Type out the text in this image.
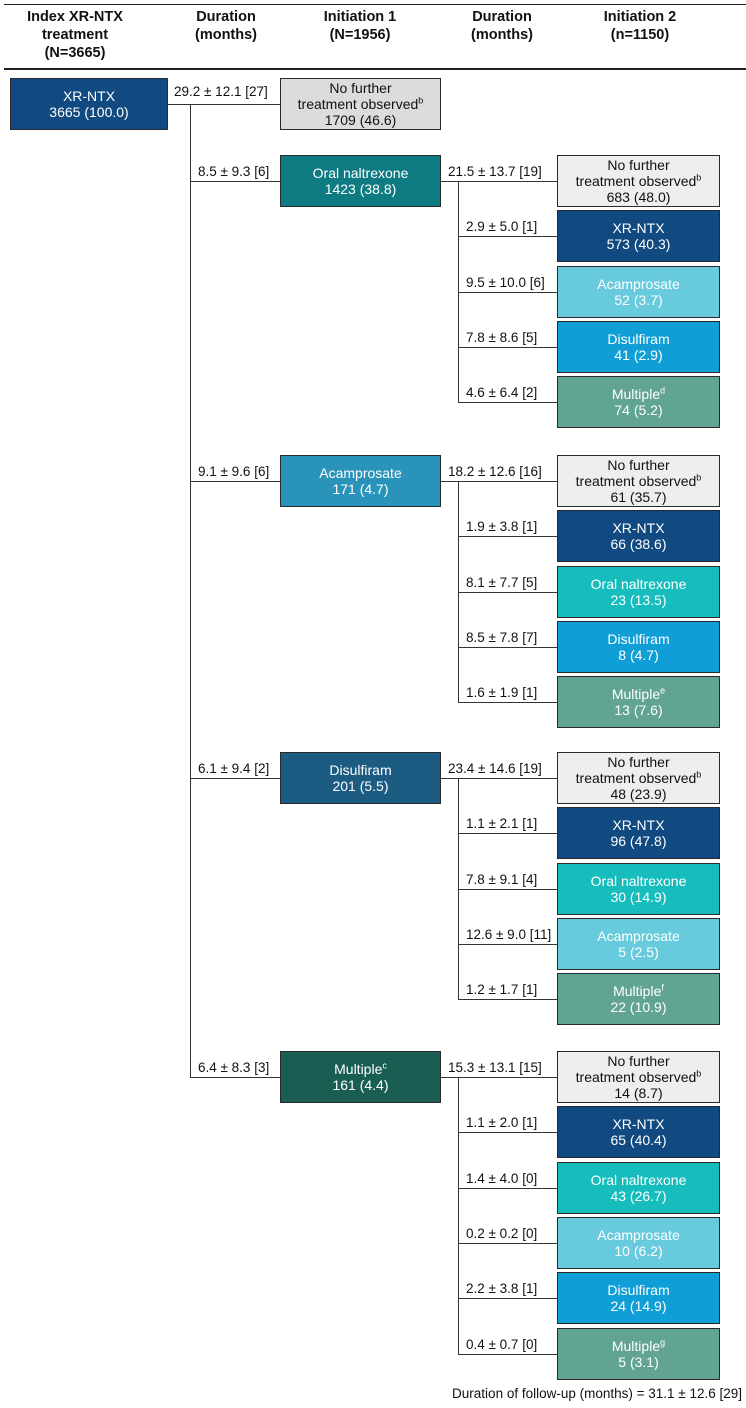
Index XR-NTX
treatment
(N=3665)
Duration
(months)
Initiation 1
(N=1956)
Duration
(months)
Initiation 2
(n=1150)
XR-NTX
3665 (100.0)
29.2 ± 12.1 [27]	No further
treatment observed$^b$
1709 (46.6)
8.5 ± 9.3 [6]	Oral naltrexone
1423 (38.8)
21.5 ± 13.7 [19]	No further
treatment observed$^b$
683 (48.0)
2.9 ± 5.0 [1]	XR-NTX
573 (40.3)
9.5 ± 10.0 [6]	Acamprosate
52 (3.7)
7.8 ± 8.6 [5]	Disulfiram
41 (2.9)
4.6 ± 6.4 [2]	Multiple$^d$
74 (5.2)
9.1 ± 9.6 [6]	Acamprosate
171 (4.7)
18.2 ± 12.6 [16]	No further
treatment observed$^b$
61 (35.7)
1.9 ± 3.8 [1]	XR-NTX
66 (38.6)
8.1 ± 7.7 [5]	Oral naltrexone
23 (13.5)
8.5 ± 7.8 [7]	Disulfiram
8 (4.7)
1.6 ± 1.9 [1]	Multiple$^e$
13 (7.6)
6.1 ± 9.4 [2]	Disulfiram
201 (5.5)
23.4 ± 14.6 [19]	No further
treatment observed$^b$
48 (23.9)
1.1 ± 2.1 [1]	XR-NTX
96 (47.8)
7.8 ± 9.1 [4]	Oral naltrexone
30 (14.9)
12.6 ± 9.0 [11]	Acamprosate
5 (2.5)
1.2 ± 1.7 [1]	Multiple$^f$
22 (10.9)
6.4 ± 8.3 [3]	Multiple$^c$
161 (4.4)
15.3 ± 13.1 [15]	No further
treatment observed$^b$
14 (8.7)
1.1 ± 2.0 [1]	XR-NTX
65 (40.4)
1.4 ± 4.0 [0]	Oral naltrexone
43 (26.7)
0.2 ± 0.2 [0]	Acamprosate
10 (6.2)
2.2 ± 3.8 [1]	Disulfiram
24 (14.9)
0.4 ± 0.7 [0]	Multiple$^g$
5 (3.1)
Duration of follow-up (months) = 31.1 ± 12.6 [29]
